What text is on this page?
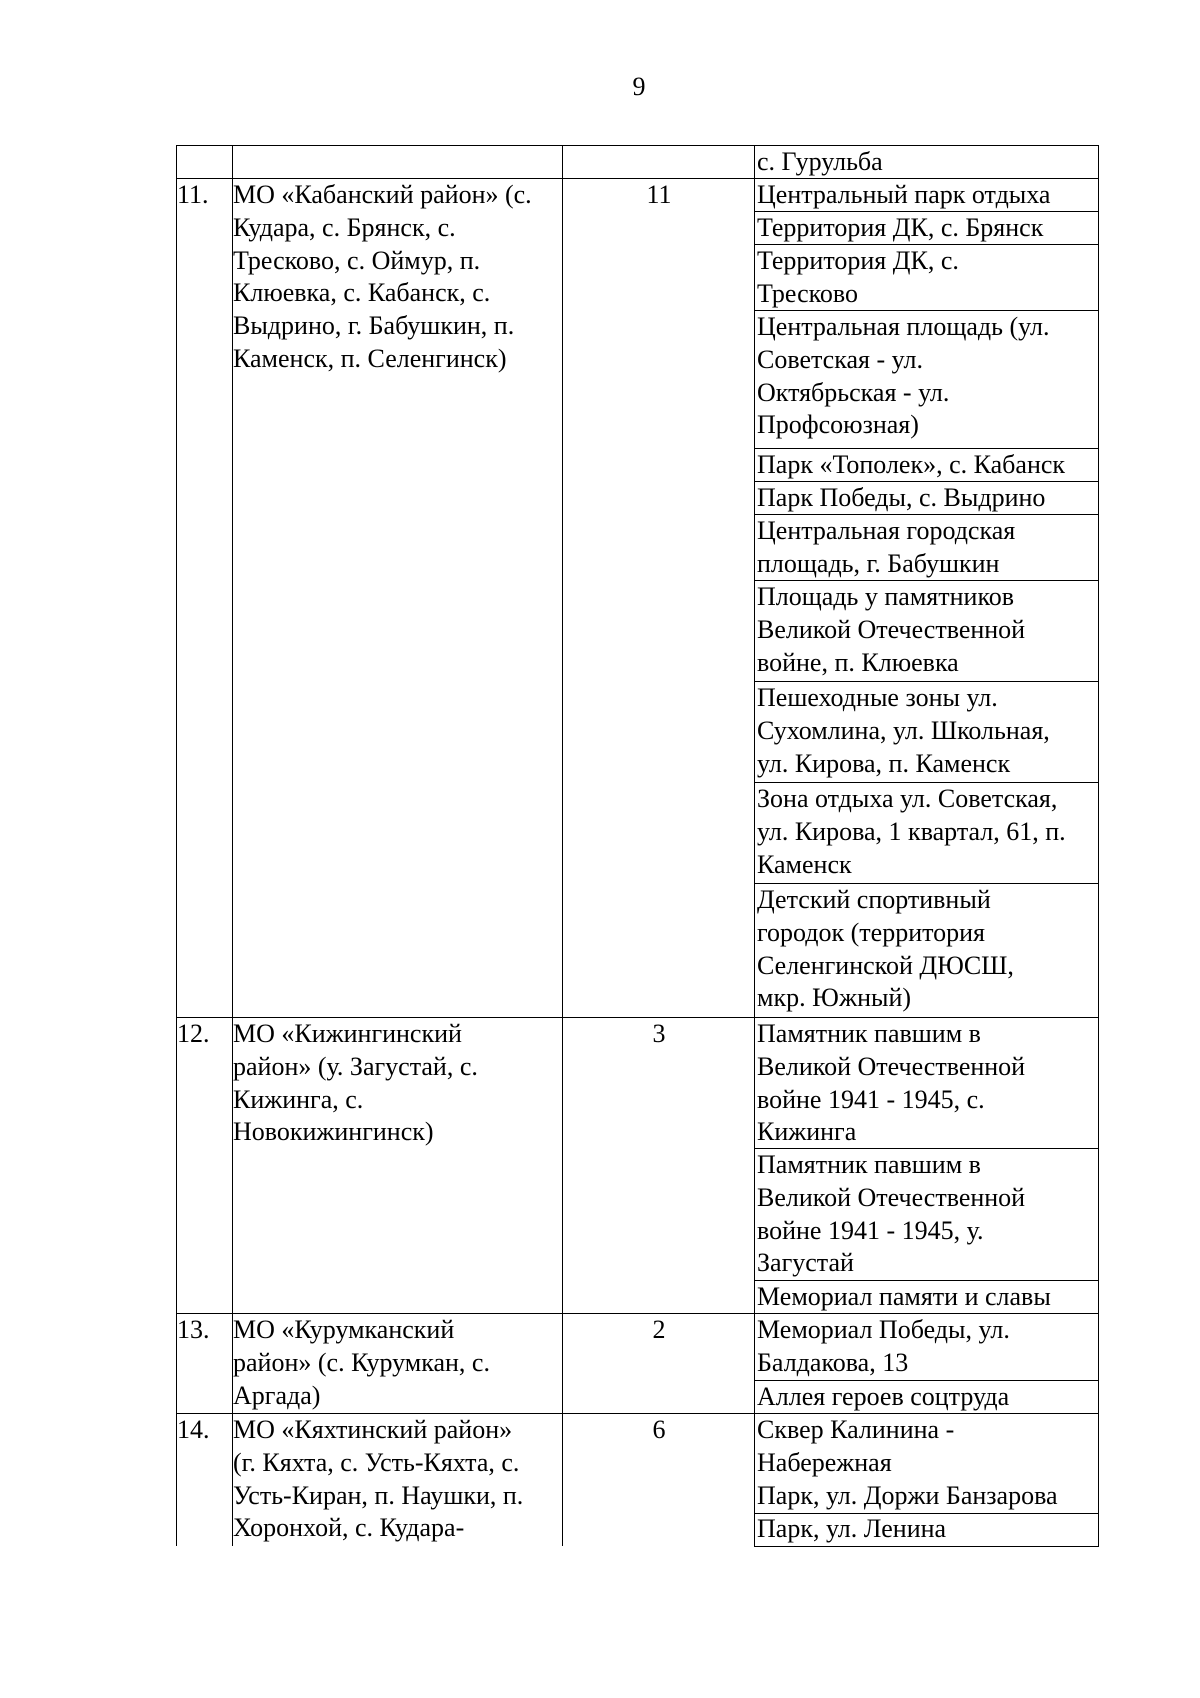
9
11.
12.
13.
14.
МО «Кабанский район» (с.
Кудара, с. Брянск, с.
Тресково, с. Оймур, п.
Клюевка, с. Кабанск, с.
Выдрино, г. Бабушкин, п.
Каменск, п. Селенгинск)
МО «Кижингинский
район» (у. Загустай, с.
Кижинга, с.
Новокижингинск)
МО «Курумканский
район» (с. Курумкан, с.
Аргада)
МО «Кяхтинский район»
(г. Кяхта, с. Усть-Кяхта, с.
Усть-Киран, п. Наушки, п.
Хоронхой, с. Кудара-
11
3
2
6
с. Гурульба
Центральный парк отдыха
Территория ДК, с. Брянск
Территория ДК, с.
Тресково
Центральная площадь (ул.
Советская - ул.
Октябрьская - ул.
Профсоюзная)
Парк «Тополек», с. Кабанск
Парк Победы, с. Выдрино
Центральная городская
площадь, г. Бабушкин
Площадь у памятников
Великой Отечественной
войне, п. Клюевка
Пешеходные зоны ул.
Сухомлина, ул. Школьная,
ул. Кирова, п. Каменск
Зона отдыха ул. Советская,
ул. Кирова, 1 квартал, 61, п.
Каменск
Детский спортивный
городок (территория
Селенгинской ДЮСШ,
мкр. Южный)
Памятник павшим в
Великой Отечественной
войне 1941 - 1945, с.
Кижинга
Памятник павшим в
Великой Отечественной
войне 1941 - 1945, у.
Загустай
Мемориал памяти и славы
Мемориал Победы, ул.
Балдакова, 13
Аллея героев соцтруда
Сквер Калинина -
Набережная
Парк, ул. Доржи Банзарова
Парк, ул. Ленина
